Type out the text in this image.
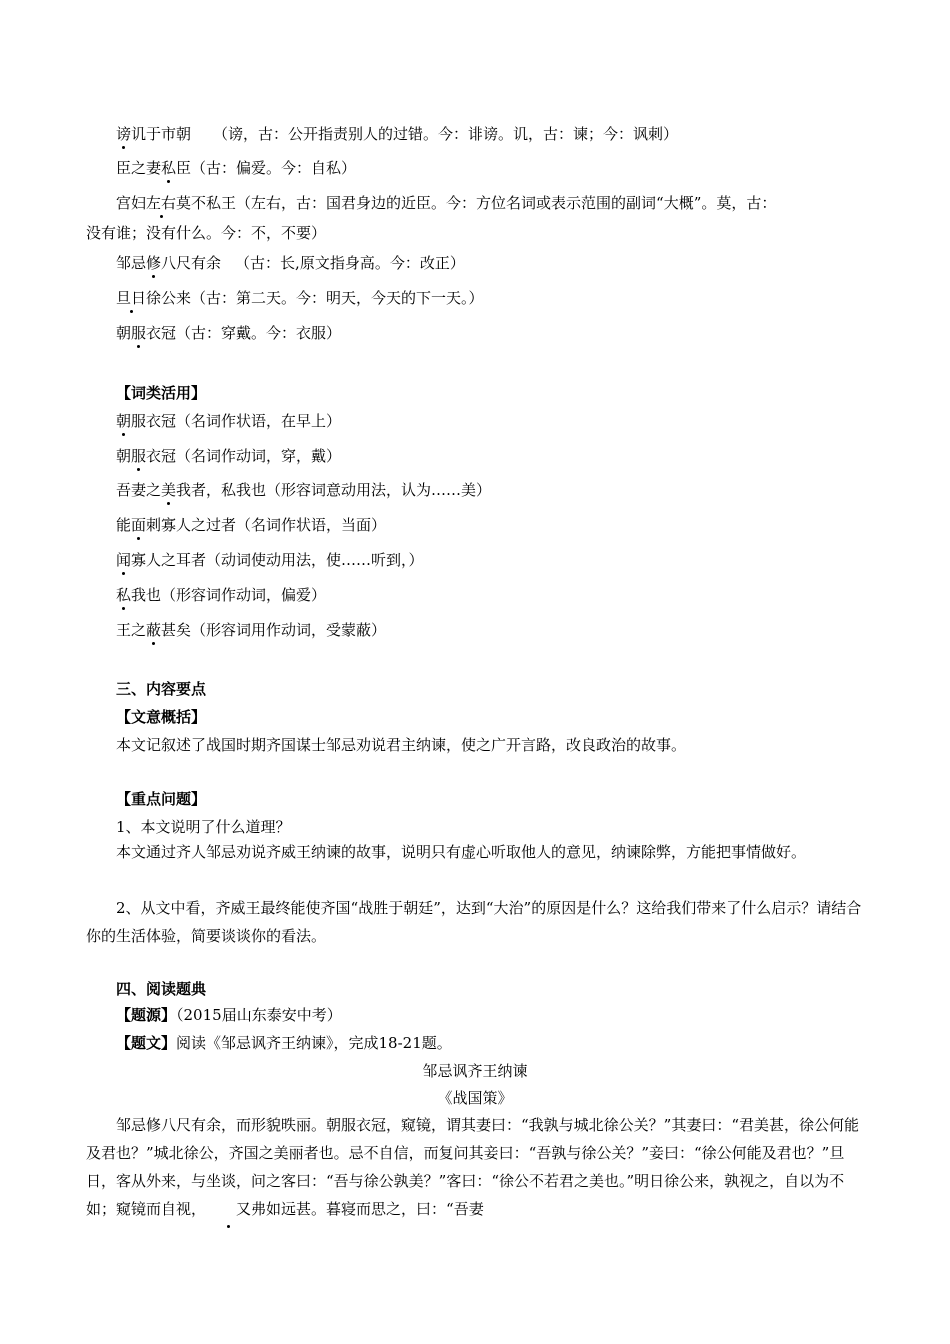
谤讥于市朝 （谤，古：公开指责别人的过错。今：诽谤。讥，古：谏；今：讽刺）
臣之妻私臣（古：偏爱。今：自私）
宫妇左右莫不私王（左右，古：国君身边的近臣。今：方位名词或表示范围的副词“大概”。莫，古：
没有谁；没有什么。今：不，不要）
邹忌修八尺有余 （古：长,原文指身高。今：改正）
旦日徐公来（古：第二天。今：明天，今天的下一天。）
朝服衣冠（古：穿戴。今：衣服）
【词类活用】
朝服衣冠（名词作状语，在早上）
朝服衣冠（名词作动词，穿，戴）
吾妻之美我者，私我也（形容词意动用法，认为……美）
能面刺寡人之过者（名词作状语，当面）
闻寡人之耳者（动词使动用法，使……听到，）
私我也（形容词作动词，偏爱）
王之蔽甚矣（形容词用作动词，受蒙蔽）
三、内容要点
【文意概括】
本文记叙述了战国时期齐国谋士邹忌劝说君主纳谏，使之广开言路，改良政治的故事。
【重点问题】
1、本文说明了什么道理？
本文通过齐人邹忌劝说齐威王纳谏的故事，说明只有虚心听取他人的意见，纳谏除弊，方能把事情做好。
2、从文中看，齐威王最终能使齐国“战胜于朝廷”，达到“大治”的原因是什么？这给我们带来了什么启示？请结合你的生活体验，简要谈谈你的看法。
四、阅读题典
【题源】（2015届山东泰安中考）
【题文】阅读《邹忌讽齐王纳谏》，完成18-21题。
邹忌讽齐王纳谏
《战国策》
邹忌修八尺有余，而形貌昳丽。朝服衣冠，窥镜，谓其妻曰：“我孰与城北徐公关？”其妻曰：“君美甚，徐公何能及君也？”城北徐公，齐国之美丽者也。忌不自信，而复问其妾曰：“吾孰与徐公关？”妾曰：“徐公何能及君也？”旦日，客从外来，与坐谈，问之客曰：“吾与徐公孰美？”客曰：“徐公不若君之美也。”明日徐公来，孰视之，自以为不如；窥镜而自视， 又弗如远甚。暮寝而思之，曰：“吾妻
